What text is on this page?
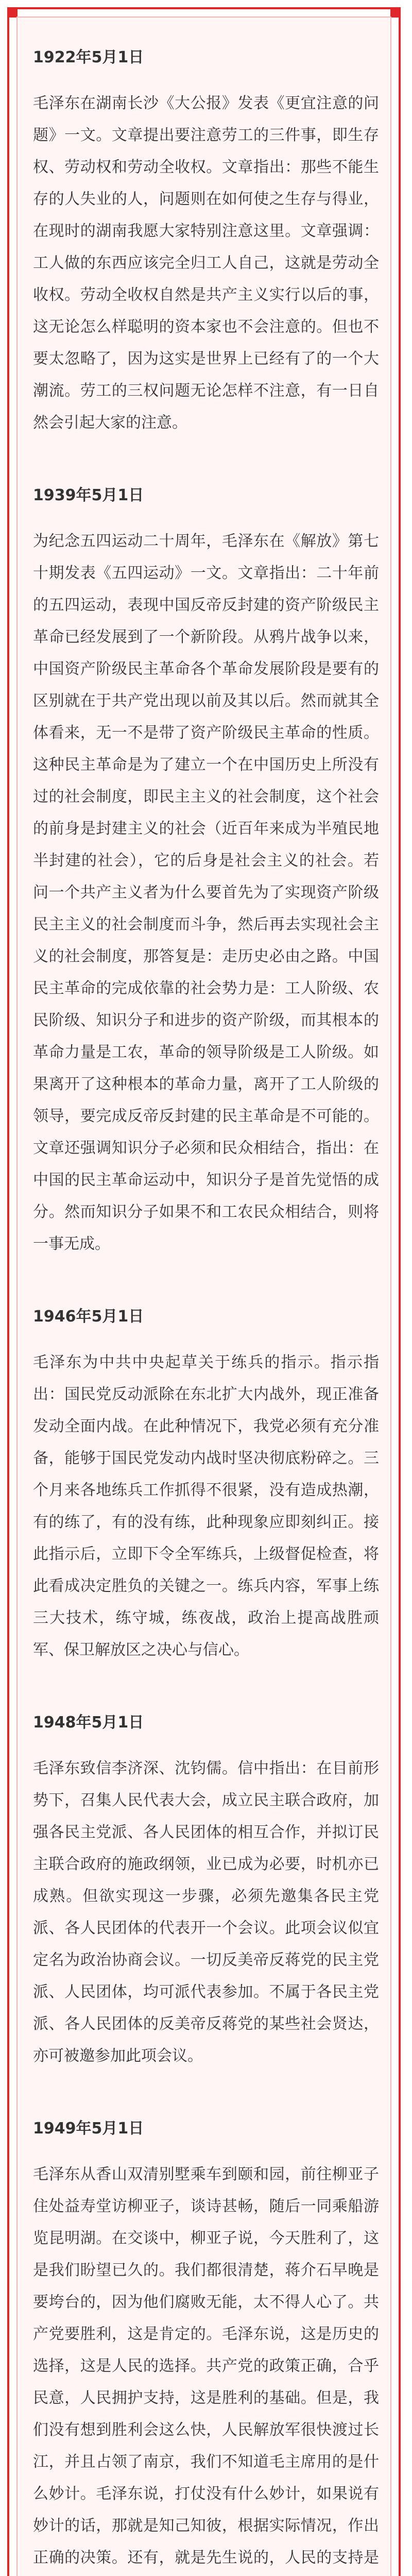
1922年5月1日

毛泽东在湖南长沙《大公报》发表《更宜注意的问题》一文。文章提出要注意劳工的三件事，即生存权、劳动权和劳动全收权。文章指出：那些不能生存的人失业的人，问题则在如何使之生存与得业，在现时的湖南我愿大家特别注意这里。文章强调：工人做的东西应该完全归工人自己，这就是劳动全收权。劳动全收权自然是共产主义实行以后的事，这无论怎么样聪明的资本家也不会注意的。但也不要太忽略了，因为这实是世界上已经有了的一个大潮流。劳工的三权问题无论怎样不注意，有一日自然会引起大家的注意。

1939年5月1日

为纪念五四运动二十周年，毛泽东在《解放》第七十期发表《五四运动》一文。文章指出：二十年前的五四运动，表现中国反帝反封建的资产阶级民主革命已经发展到了一个新阶段。从鸦片战争以来，中国资产阶级民主革命各个革命发展阶段是要有的区别就在于共产党出现以前及其以后。然而就其全体看来，无一不是带了资产阶级民主革命的性质。这种民主革命是为了建立一个在中国历史上所没有过的社会制度，即民主主义的社会制度，这个社会的前身是封建主义的社会（近百年来成为半殖民地半封建的社会），它的后身是社会主义的社会。若问一个共产主义者为什么要首先为了实现资产阶级民主主义的社会制度而斗争，然后再去实现社会主义的社会制度，那答复是：走历史必由之路。中国民主革命的完成依靠的社会势力是：工人阶级、农民阶级、知识分子和进步的资产阶级，而其根本的革命力量是工农，革命的领导阶级是工人阶级。如果离开了这种根本的革命力量，离开了工人阶级的领导，要完成反帝反封建的民主革命是不可能的。文章还强调知识分子必须和民众相结合，指出：在中国的民主革命运动中，知识分子是首先觉悟的成分。然而知识分子如果不和工农民众相结合，则将一事无成。

1946年5月1日

毛泽东为中共中央起草关于练兵的指示。指示指出：国民党反动派除在东北扩大内战外，现正准备发动全面内战。在此种情况下，我党必须有充分准备，能够于国民党发动内战时坚决彻底粉碎之。三个月来各地练兵工作抓得不很紧，没有造成热潮，有的练了，有的没有练，此种现象应即刻纠正。接此指示后，立即下令全军练兵，上级督促检查，将此看成决定胜负的关键之一。练兵内容，军事上练三大技术，练守城，练夜战，政治上提高战胜顽军、保卫解放区之决心与信心。

1948年5月1日

毛泽东致信李济深、沈钧儒。信中指出：在目前形势下，召集人民代表大会，成立民主联合政府，加强各民主党派、各人民团体的相互合作，并拟订民主联合政府的施政纲领，业已成为必要，时机亦已成熟。但欲实现这一步骤，必须先邀集各民主党派、各人民团体的代表开一个会议。此项会议似宜定名为政治协商会议。一切反美帝反蒋党的民主党派、人民团体，均可派代表参加。不属于各民主党派、各人民团体的反美帝反蒋党的某些社会贤达，亦可被邀参加此项会议。

1949年5月1日

毛泽东从香山双清别墅乘车到颐和园，前往柳亚子住处益寿堂访柳亚子，谈诗甚畅，随后一同乘船游览昆明湖。在交谈中，柳亚子说，今天胜利了，这是我们盼望已久的。我们都很清楚，蒋介石早晚是要垮台的，因为他们腐败无能，太不得人心了。共产党要胜利，这是肯定的。毛泽东说，这是历史的选择，这是人民的选择。共产党的政策正确，合乎民意，人民拥护支持，这是胜利的基础。但是，我们没有想到胜利会这么快，人民解放军很快渡过长江，并且占领了南京，我们不知道毛主席用的是什么妙计。毛泽东说，打仗没有什么妙计，如果说有妙计的话，那就是知己知彼，根据实际情况，作出正确的决策。还有，就是先生说的，人民的支持是
